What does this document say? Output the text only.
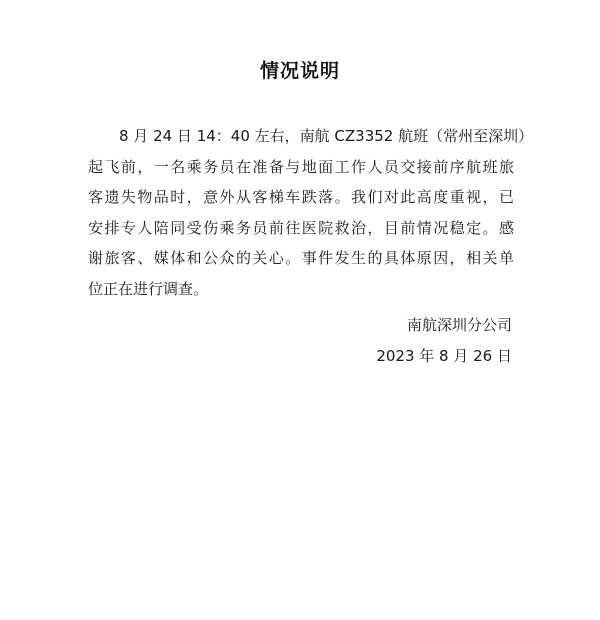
情况说明
8 月 24 日 14：40 左右，南航 CZ3352 航班（常州至深圳）
起飞前，一名乘务员在准备与地面工作人员交接前序航班旅
客遗失物品时，意外从客梯车跌落。我们对此高度重视，已
安排专人陪同受伤乘务员前往医院救治，目前情况稳定。感
谢旅客、媒体和公众的关心。事件发生的具体原因，相关单
位正在进行调查。
南航深圳分公司
2023 年 8 月 26 日
